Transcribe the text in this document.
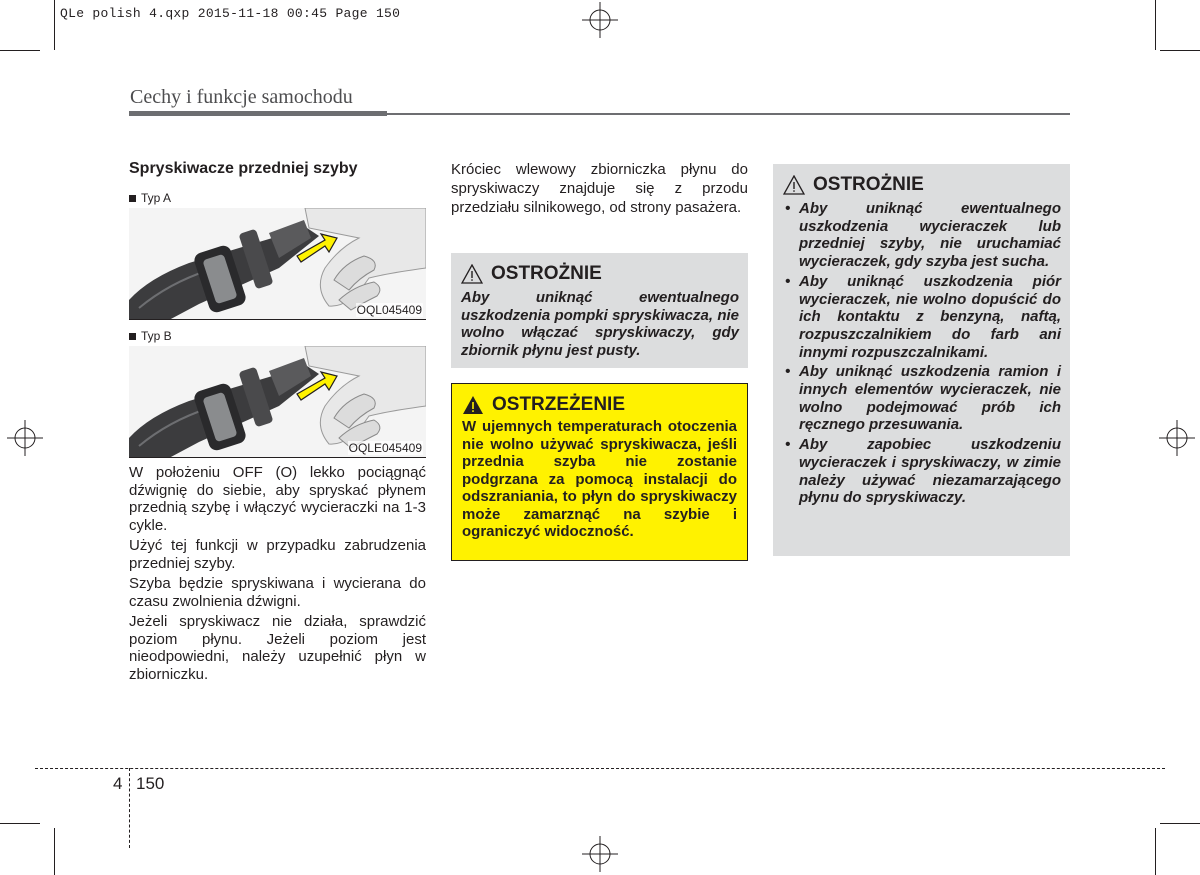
QLe polish 4.qxp 2015-11-18 00:45 Page 150
Cechy i funkcje samochodu
Spryskiwacze przedniej szyby
Typ A
OQL045409
Typ B
OQLE045409

W położeniu OFF (O) lekko pociągnąć dźwignię do siebie, aby spryskać płynem przednią szybę i włączyć wycieraczki na 1-3 cykle.

Użyć tej funkcji w przypadku zabrudzenia przedniej szyby.

Szyba będzie spryskiwana i wycierana do czasu zwolnienia dźwigni.

Jeżeli spryskiwacz nie działa, sprawdzić poziom płynu. Jeżeli poziom jest nieodpowiedni, należy uzupełnić płyn w zbiorniczku.

Króciec wlewowy zbiorniczka płynu do spryskiwaczy znajduje się z przodu przedziału silnikowego, od strony pasażera.

OSTROŻNIE

Aby uniknąć ewentualnego uszkodzenia pompki spryskiwacza, nie wolno włączać spryskiwaczy, gdy zbiornik płynu jest pusty.

OSTRZEŻENIE

W ujemnych temperaturach otoczenia nie wolno używać spryskiwacza, jeśli przednia szyba nie zostanie podgrzana za pomocą instalacji do odszraniania, to płyn do spryskiwaczy może zamarznąć na szybie i ograniczyć widoczność.

OSTROŻNIE
• Aby uniknąć ewentualnego uszkodzenia wycieraczek lub przedniej szyby, nie uruchamiać wycieraczek, gdy szyba jest sucha.
• Aby uniknąć uszkodzenia piór wycieraczek, nie wolno dopuścić do ich kontaktu z benzyną, naftą, rozpuszczalnikiem do farb ani innymi rozpuszczalnikami.
• Aby uniknąć uszkodzenia ramion i innych elementów wycieraczek, nie wolno podejmować prób ich ręcznego przesuwania.
• Aby zapobiec uszkodzeniu wycieraczek i spryskiwaczy, w zimie należy używać niezamarzającego płynu do spryskiwaczy.
4 150
